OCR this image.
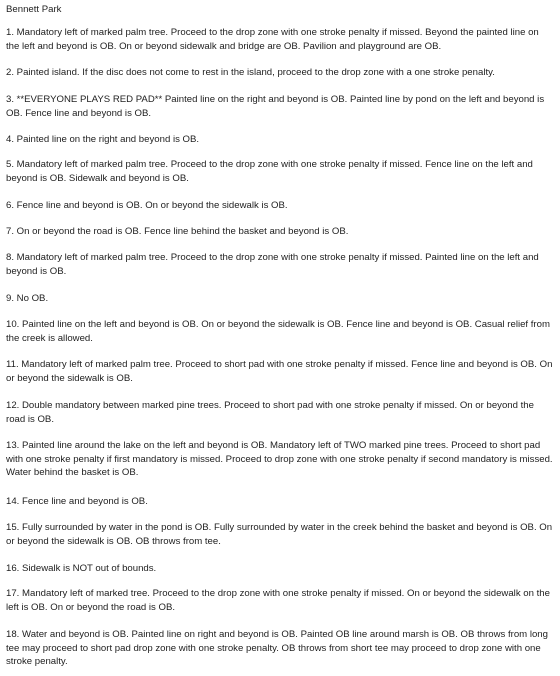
Bennett Park

1. Mandatory left of marked palm tree. Proceed to the drop zone with one stroke penalty if missed. Beyond the painted line on the left and beyond is OB. On or beyond sidewalk and bridge are OB. Pavilion and playground are OB.

2. Painted island. If the disc does not come to rest in the island, proceed to the drop zone with a one stroke penalty.

3. **EVERYONE PLAYS RED PAD** Painted line on the right and beyond is OB. Painted line by pond on the left and beyond is OB. Fence line and beyond is OB.

4. Painted line on the right and beyond is OB.

5. Mandatory left of marked palm tree. Proceed to the drop zone with one stroke penalty if missed. Fence line on the left and beyond is OB. Sidewalk and beyond is OB.

6. Fence line and beyond is OB. On or beyond the sidewalk is OB.

7. On or beyond the road is OB. Fence line behind the basket and beyond is OB.

8. Mandatory left of marked palm tree. Proceed to the drop zone with one stroke penalty if missed. Painted line on the left and beyond is OB.

9. No OB.

10. Painted line on the left and beyond is OB. On or beyond the sidewalk is OB. Fence line and beyond is OB. Casual relief from the creek is allowed.

11. Mandatory left of marked palm tree. Proceed to short pad with one stroke penalty if missed. Fence line and beyond is OB. On or beyond the sidewalk is OB.

12. Double mandatory between marked pine trees. Proceed to short pad with one stroke penalty if missed. On or beyond the road is OB.

13. Painted line around the lake on the left and beyond is OB. Mandatory left of TWO marked pine trees. Proceed to short pad with one stroke penalty if first mandatory is missed. Proceed to drop zone with one stroke penalty if second mandatory is missed. Water behind the basket is OB.

14. Fence line and beyond is OB.

15. Fully surrounded by water in the pond is OB. Fully surrounded by water in the creek behind the basket and beyond is OB. On or beyond the sidewalk is OB. OB throws from tee.

16. Sidewalk is NOT out of bounds.

17. Mandatory left of marked tree. Proceed to the drop zone with one stroke penalty if missed. On or beyond the sidewalk on the left is OB. On or beyond the road is OB.

18. Water and beyond is OB. Painted line on right and beyond is OB. Painted OB line around marsh is OB. OB throws from long tee may proceed to short pad drop zone with one stroke penalty. OB throws from short tee may proceed to drop zone with one stroke penalty.
